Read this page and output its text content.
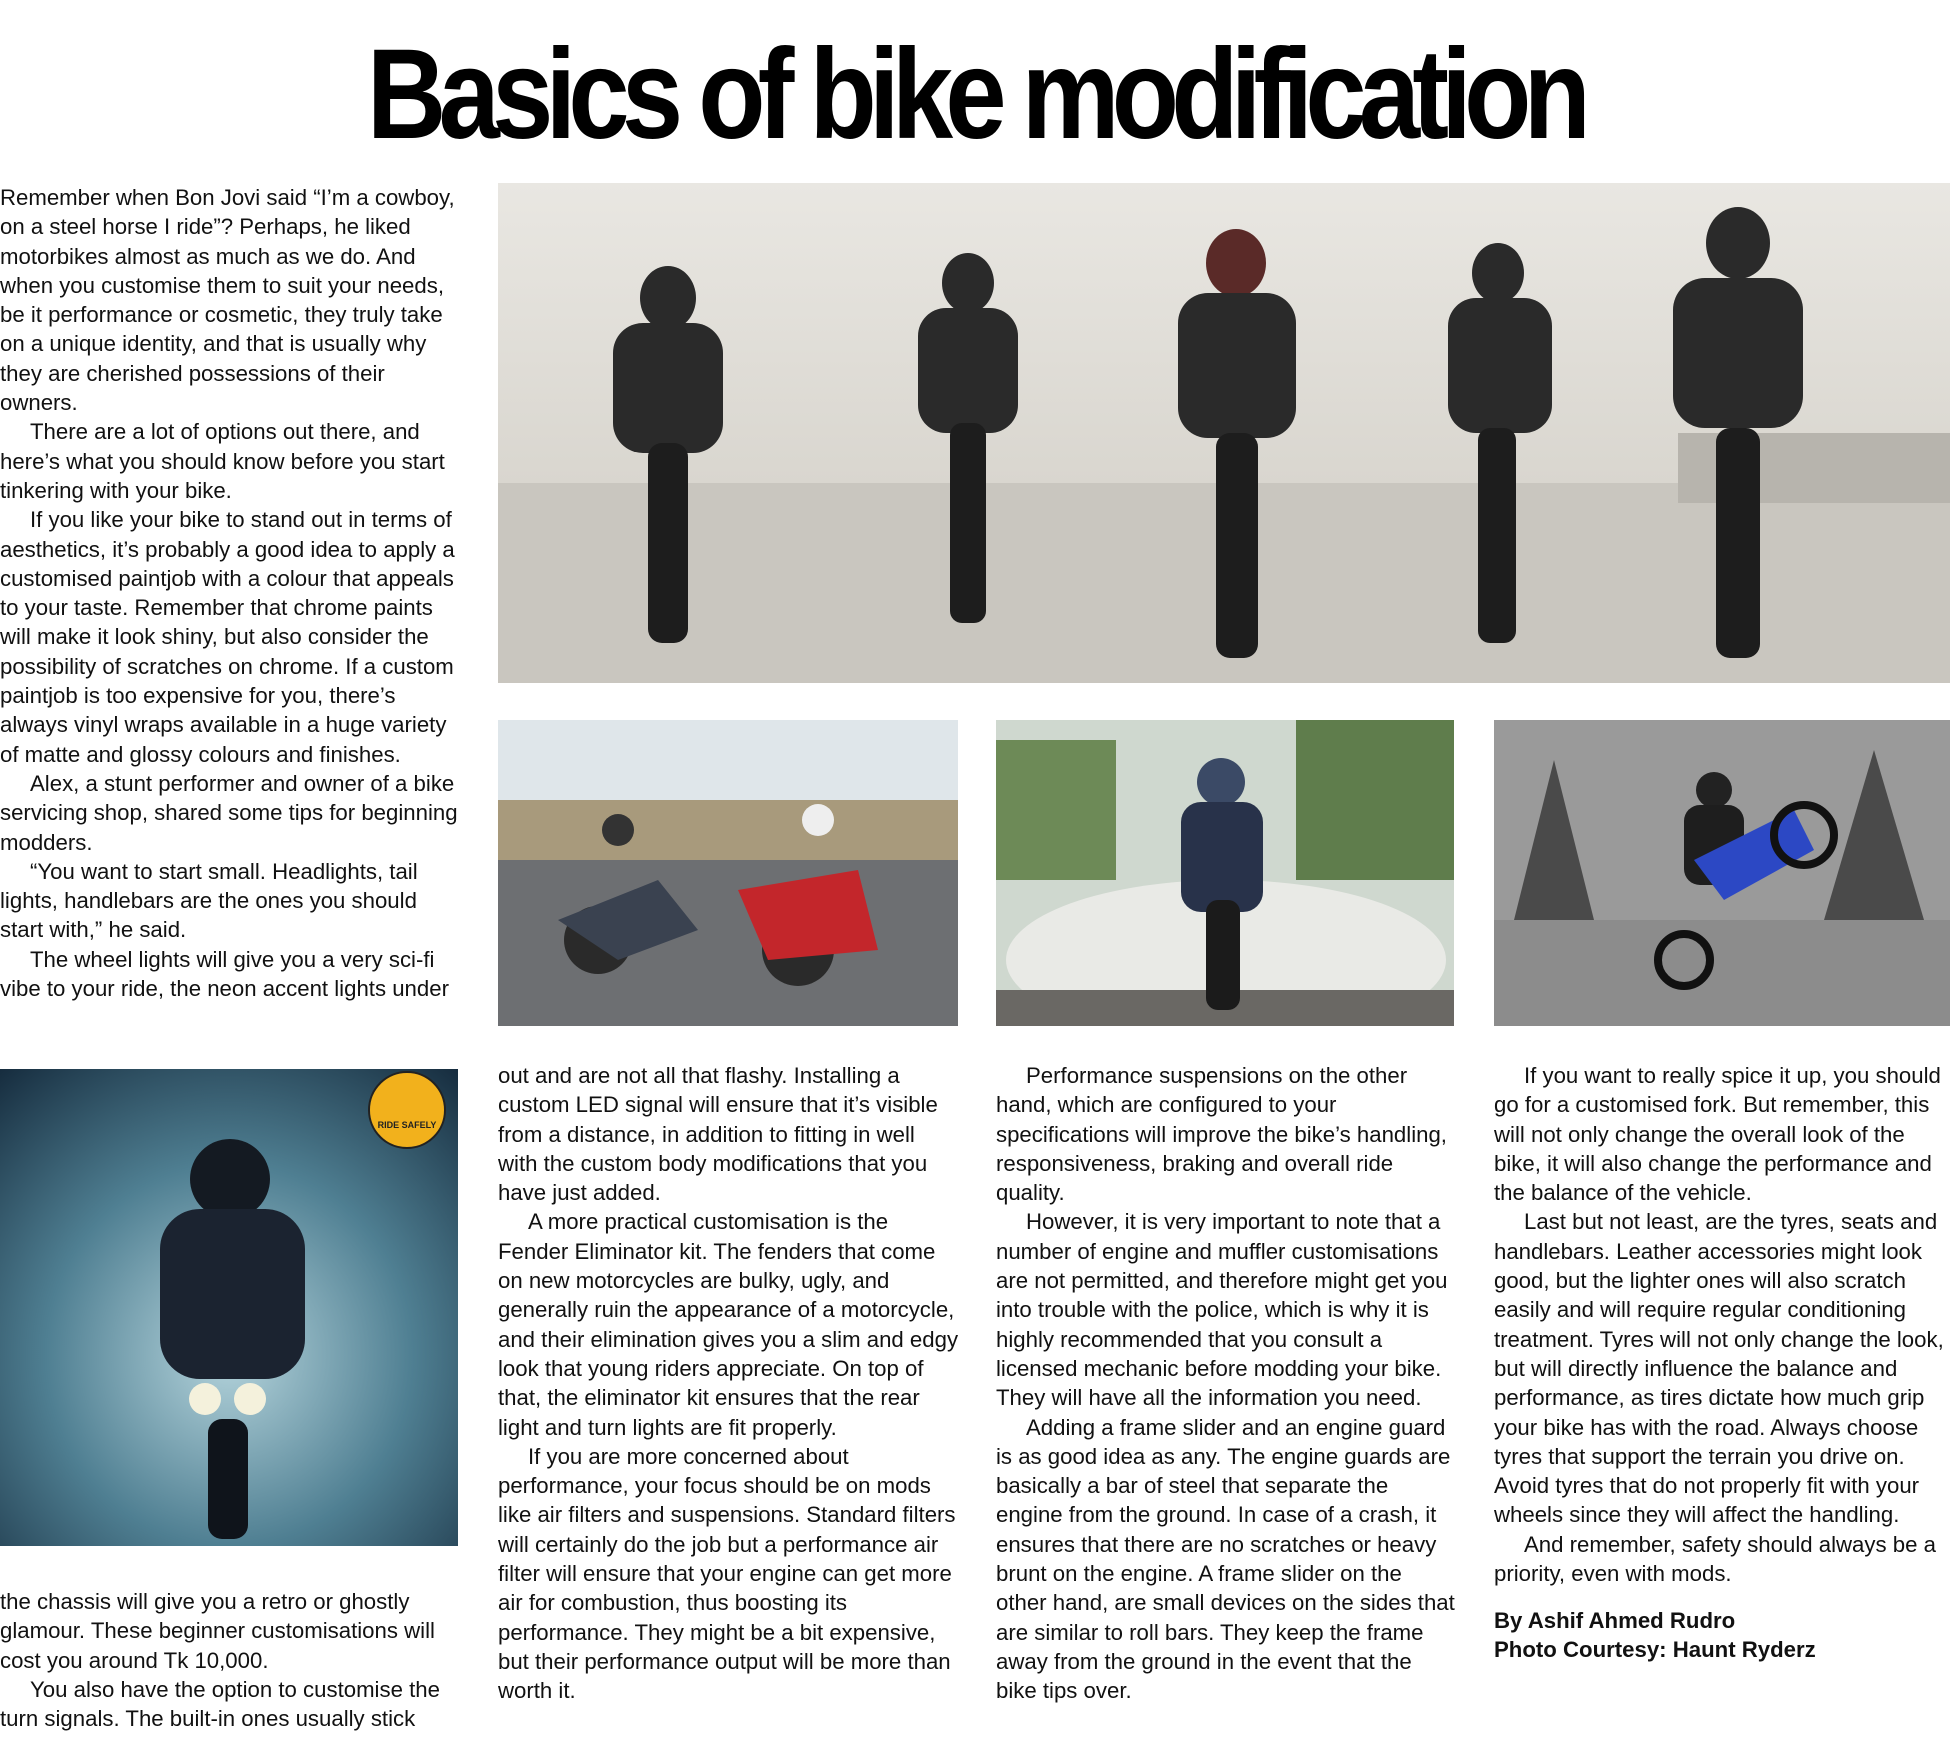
Basics of bike modification

Remember when Bon Jovi said “I’m a cowboy, on a steel horse I ride”? Perhaps, he liked motorbikes almost as much as we do. And when you customise them to suit your needs, be it performance or cosmetic, they truly take on a unique identity, and that is usually why they are cherished possessions of their owners.

There are a lot of options out there, and here’s what you should know before you start tinkering with your bike.

If you like your bike to stand out in terms of aesthetics, it’s probably a good idea to apply a customised paintjob with a colour that appeals to your taste. Remember that chrome paints will make it look shiny, but also consider the possibility of scratches on chrome. If a custom paintjob is too expensive for you, there’s always vinyl wraps available in a huge variety of matte and glossy colours and finishes.

Alex, a stunt performer and owner of a bike servicing shop, shared some tips for beginning modders.

“You want to start small. Headlights, tail lights, handlebars are the ones you should start with,” he said.

The wheel lights will give you a very sci-fi vibe to your ride, the neon accent lights under

the chassis will give you a retro or ghostly glamour. These beginner customisations will cost you around Tk 10,000.

You also have the option to customise the turn signals. The built-in ones usually stick

out and are not all that flashy. Installing a custom LED signal will ensure that it’s visible from a distance, in addition to fitting in well with the custom body modifications that you have just added.

A more practical customisation is the Fender Eliminator kit. The fenders that come on new motorcycles are bulky, ugly, and generally ruin the appearance of a motorcycle, and their elimination gives you a slim and edgy look that young riders appreciate. On top of that, the eliminator kit ensures that the rear light and turn lights are fit properly.

If you are more concerned about performance, your focus should be on mods like air filters and suspensions. Standard filters will certainly do the job but a performance air filter will ensure that your engine can get more air for combustion, thus boosting its performance. They might be a bit expensive, but their performance output will be more than worth it.

Performance suspensions on the other hand, which are configured to your specifications will improve the bike’s handling, responsiveness, braking and overall ride quality.

However, it is very important to note that a number of engine and muffler customisations are not permitted, and therefore might get you into trouble with the police, which is why it is highly recommended that you consult a licensed mechanic before modding your bike. They will have all the information you need.

Adding a frame slider and an engine guard is as good idea as any. The engine guards are basically a bar of steel that separate the engine from the ground. In case of a crash, it ensures that there are no scratches or heavy brunt on the engine. A frame slider on the other hand, are small devices on the sides that are similar to roll bars. They keep the frame away from the ground in the event that the bike tips over.

If you want to really spice it up, you should go for a customised fork. But remember, this will not only change the overall look of the bike, it will also change the performance and the balance of the vehicle.

Last but not least, are the tyres, seats and handlebars. Leather accessories might look good, but the lighter ones will also scratch easily and will require regular conditioning treatment. Tyres will not only change the look, but will directly influence the balance and performance, as tires dictate how much grip your bike has with the road. Always choose tyres that support the terrain you drive on. Avoid tyres that do not properly fit with your wheels since they will affect the handling.

And remember, safety should always be a priority, even with mods.

By Ashif Ahmed Rudro
Photo Courtesy: Haunt Ryderz
RIDE SAFELY
